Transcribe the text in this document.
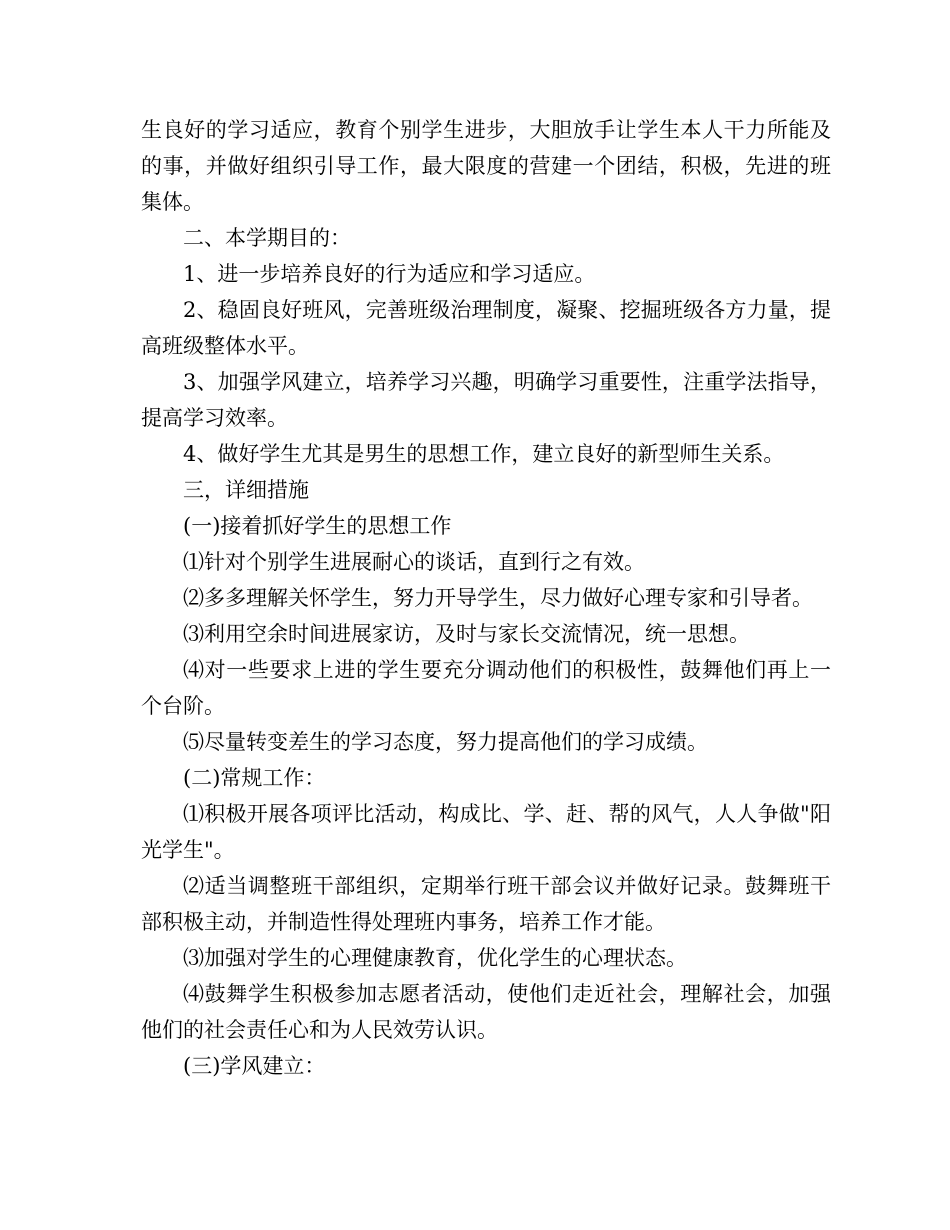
生良好的学习适应，教育个别学生进步，大胆放手让学生本人干力所能及的事，并做好组织引导工作，最大限度的营建一个团结，积极，先进的班集体。

二、本学期目的：

1、进一步培养良好的行为适应和学习适应。

2、稳固良好班风，完善班级治理制度，凝聚、挖掘班级各方力量，提高班级整体水平。

3、加强学风建立，培养学习兴趣，明确学习重要性，注重学法指导，提高学习效率。

4、做好学生尤其是男生的思想工作，建立良好的新型师生关系。

三，详细措施

(一)接着抓好学生的思想工作

⑴针对个别学生进展耐心的谈话，直到行之有效。

⑵多多理解关怀学生，努力开导学生，尽力做好心理专家和引导者。

⑶利用空余时间进展家访，及时与家长交流情况，统一思想。

⑷对一些要求上进的学生要充分调动他们的积极性，鼓舞他们再上一个台阶。

⑸尽量转变差生的学习态度，努力提高他们的学习成绩。

(二)常规工作：

⑴积极开展各项评比活动，构成比、学、赶、帮的风气，人人争做"阳光学生"。

⑵适当调整班干部组织，定期举行班干部会议并做好记录。鼓舞班干部积极主动，并制造性得处理班内事务，培养工作才能。

⑶加强对学生的心理健康教育，优化学生的心理状态。

⑷鼓舞学生积极参加志愿者活动，使他们走近社会，理解社会，加强他们的社会责任心和为人民效劳认识。

(三)学风建立：
